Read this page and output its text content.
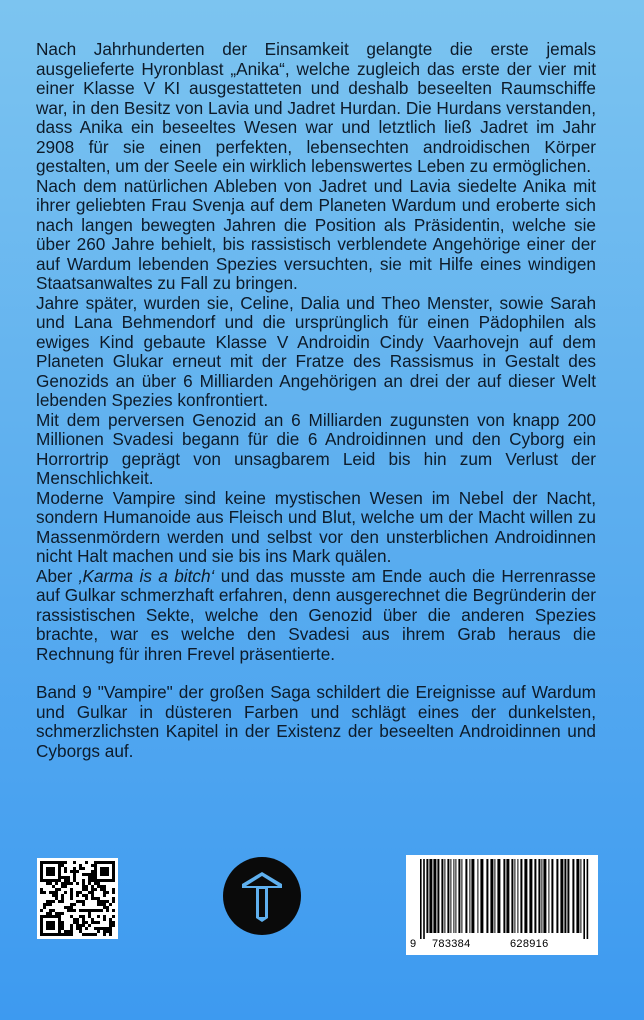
Nach Jahrhunderten der Einsamkeit gelangte die erste jemals ausgelieferte Hyronblast „Anika“, welche zugleich das erste der vier mit einer Klasse V KI ausgestatteten und deshalb beseelten Raumschiffe war, in den Besitz von Lavia und Jadret Hurdan. Die Hurdans verstanden, dass Anika ein beseeltes Wesen war und letztlich ließ Jadret im Jahr 2908 für sie einen perfekten, lebensechten androidischen Körper gestalten, um der Seele ein wirklich lebenswertes Leben zu ermöglichen.

Nach dem natürlichen Ableben von Jadret und Lavia siedelte Anika mit ihrer geliebten Frau Svenja auf dem Planeten Wardum und eroberte sich nach langen bewegten Jahren die Position als Präsidentin, welche sie über 260 Jahre behielt, bis rassistisch verblendete Angehörige einer der auf Wardum lebenden Spezies versuchten, sie mit Hilfe eines windigen Staatsanwaltes zu Fall zu bringen.

Jahre später, wurden sie, Celine, Dalia und Theo Menster, sowie Sarah und Lana Behmendorf und die ursprünglich für einen Pädophilen als ewiges Kind gebaute Klasse V Androidin Cindy Vaarhovejn auf dem Planeten Glukar erneut mit der Fratze des Rassismus in Gestalt des Genozids an über 6 Milliarden Angehörigen an drei der auf dieser Welt lebenden Spezies konfrontiert.

Mit dem perversen Genozid an 6 Milliarden zugunsten von knapp 200 Millionen Svadesi begann für die 6 Androidinnen und den Cyborg ein Horrortrip geprägt von unsagbarem Leid bis hin zum Verlust der Menschlichkeit.

Moderne Vampire sind keine mystischen Wesen im Nebel der Nacht, sondern Humanoide aus Fleisch und Blut, welche um der Macht willen zu Massenmördern werden und selbst vor den unsterblichen Androidinnen nicht Halt machen und sie bis ins Mark quälen.

Aber ‚Karma is a bitch‘ und das musste am Ende auch die Herrenrasse auf Gulkar schmerzhaft erfahren, denn ausgerechnet die Begründerin der rassistischen Sekte, welche den Genozid über die anderen Spezies brachte, war es welche den Svadesi aus ihrem Grab heraus die Rechnung für ihren Frevel präsentierte.

Band 9 "Vampire" der großen Saga schildert die Ereignisse auf Wardum und Gulkar in düsteren Farben und schlägt eines der dunkelsten, schmerzlichsten Kapitel in der Existenz der beseelten Androidinnen und Cyborgs auf.

9 783384	628916
